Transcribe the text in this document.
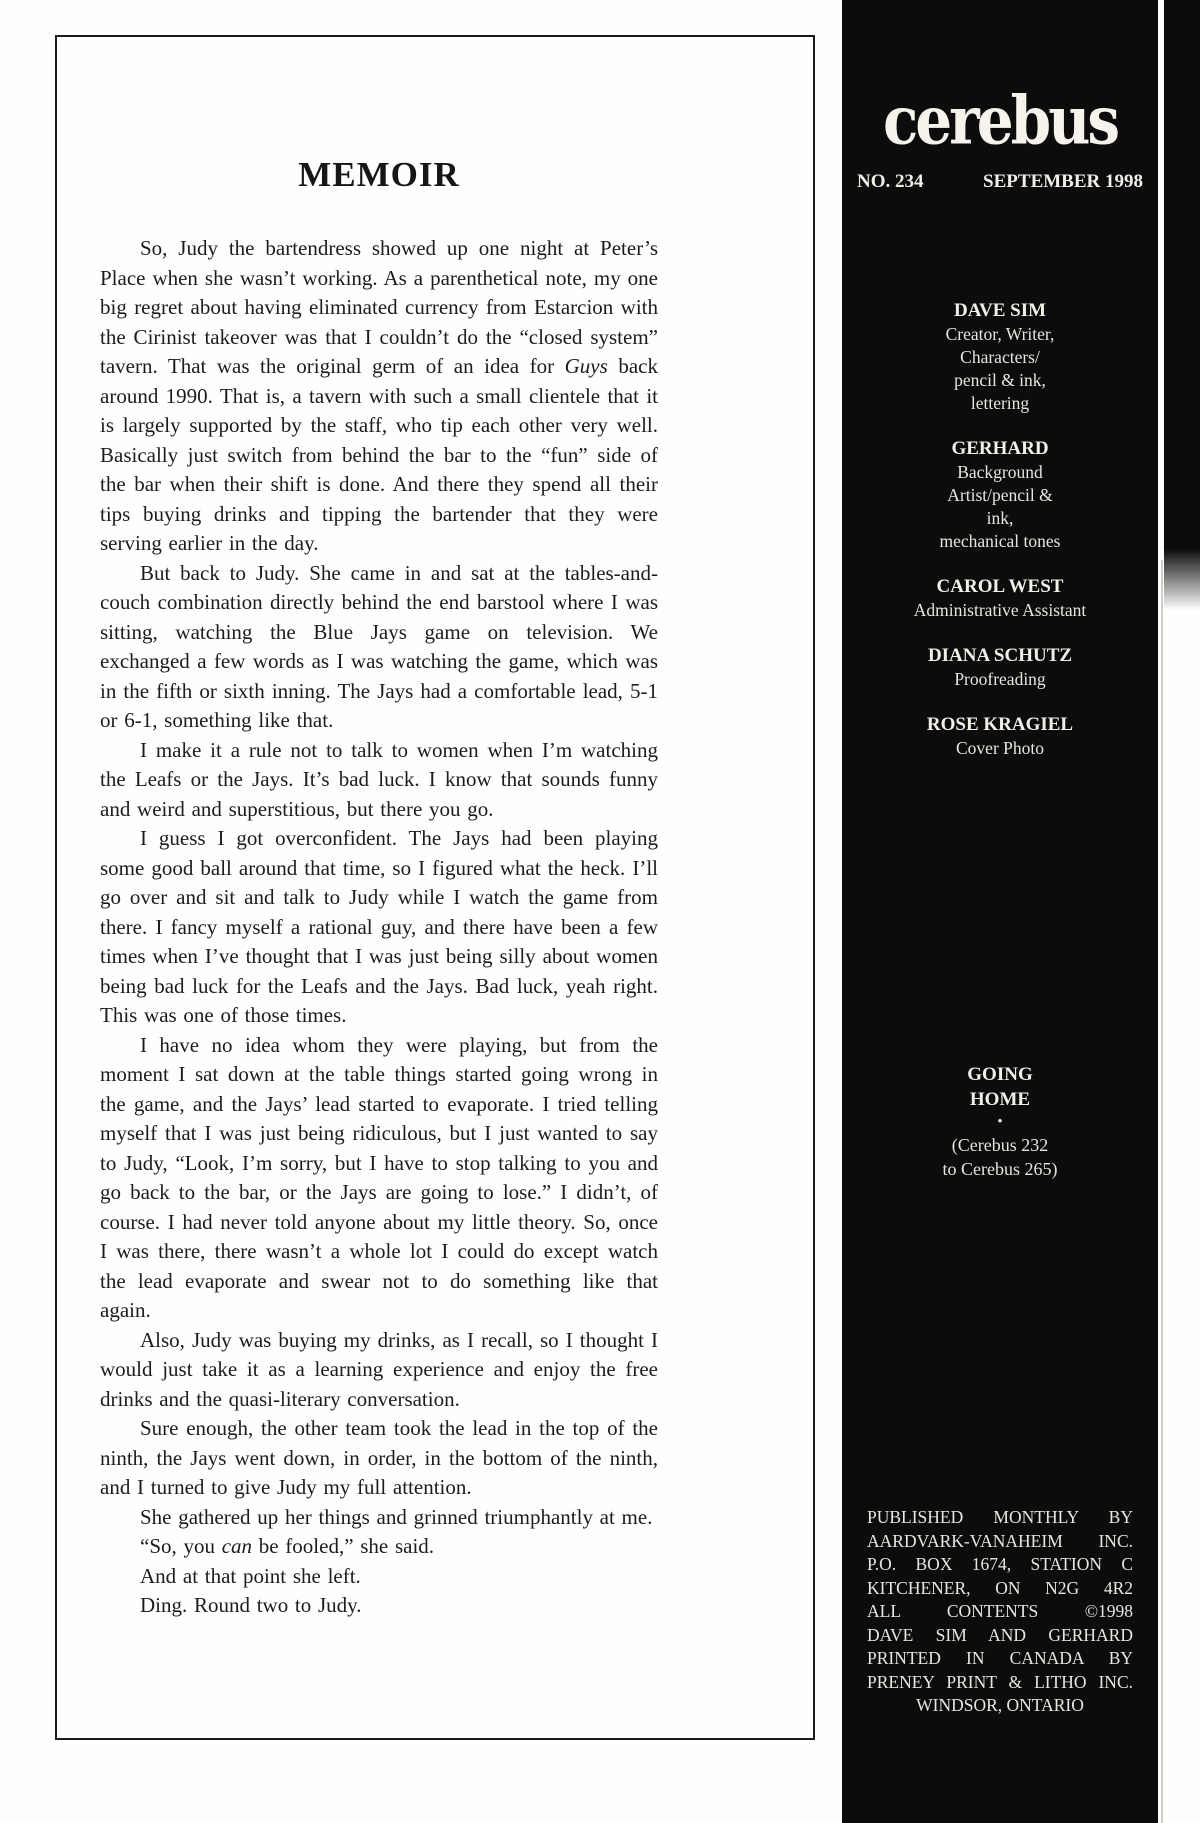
MEMOIR

So, Judy the bartendress showed up one night at Peter’s Place when she wasn’t working. As a parenthetical note, my one big regret about having eliminated currency from Estarcion with the Cirinist takeover was that I couldn’t do the “closed system” tavern. That was the original germ of an idea for Guys back around 1990. That is, a tavern with such a small clientele that it is largely supported by the staff, who tip each other very well. Basically just switch from behind the bar to the “fun” side of the bar when their shift is done. And there they spend all their tips buying drinks and tipping the bartender that they were serving earlier in the day.

But back to Judy. She came in and sat at the tables-and-couch combination directly behind the end barstool where I was sitting, watching the Blue Jays game on television. We exchanged a few words as I was watching the game, which was in the fifth or sixth inning. The Jays had a comfortable lead, 5-1 or 6-1, something like that.

I make it a rule not to talk to women when I’m watching the Leafs or the Jays. It’s bad luck. I know that sounds funny and weird and superstitious, but there you go.

I guess I got overconfident. The Jays had been playing some good ball around that time, so I figured what the heck. I’ll go over and sit and talk to Judy while I watch the game from there. I fancy myself a rational guy, and there have been a few times when I’ve thought that I was just being silly about women being bad luck for the Leafs and the Jays. Bad luck, yeah right. This was one of those times.

I have no idea whom they were playing, but from the moment I sat down at the table things started going wrong in the game, and the Jays’ lead started to evaporate. I tried telling myself that I was just being ridiculous, but I just wanted to say to Judy, “Look, I’m sorry, but I have to stop talking to you and go back to the bar, or the Jays are going to lose.” I didn’t, of course. I had never told anyone about my little theory. So, once I was there, there wasn’t a whole lot I could do except watch the lead evaporate and swear not to do something like that again.

Also, Judy was buying my drinks, as I recall, so I thought I would just take it as a learning experience and enjoy the free drinks and the quasi-literary conversation.

Sure enough, the other team took the lead in the top of the ninth, the Jays went down, in order, in the bottom of the ninth, and I turned to give Judy my full attention.

She gathered up her things and grinned triumphantly at me.

“So, you can be fooled,” she said.

And at that point she left.

Ding. Round two to Judy.

cerebus
NO. 234	SEPTEMBER 1998
DAVE SIM
Creator, Writer,
Characters/
pencil & ink,
lettering
GERHARD
Background
Artist/pencil &
ink,
mechanical tones
CAROL WEST
Administrative Assistant
DIANA SCHUTZ
Proofreading
ROSE KRAGIEL
Cover Photo
GOING
HOME
•
(Cerebus 232
to Cerebus 265)
PUBLISHED MONTHLY BY
AARDVARK-VANAHEIM INC.
P.O. BOX 1674, STATION C
KITCHENER, ON N2G 4R2
ALL CONTENTS ©1998
DAVE SIM AND GERHARD
PRINTED IN CANADA BY
PRENEY PRINT & LITHO INC.
WINDSOR, ONTARIO
